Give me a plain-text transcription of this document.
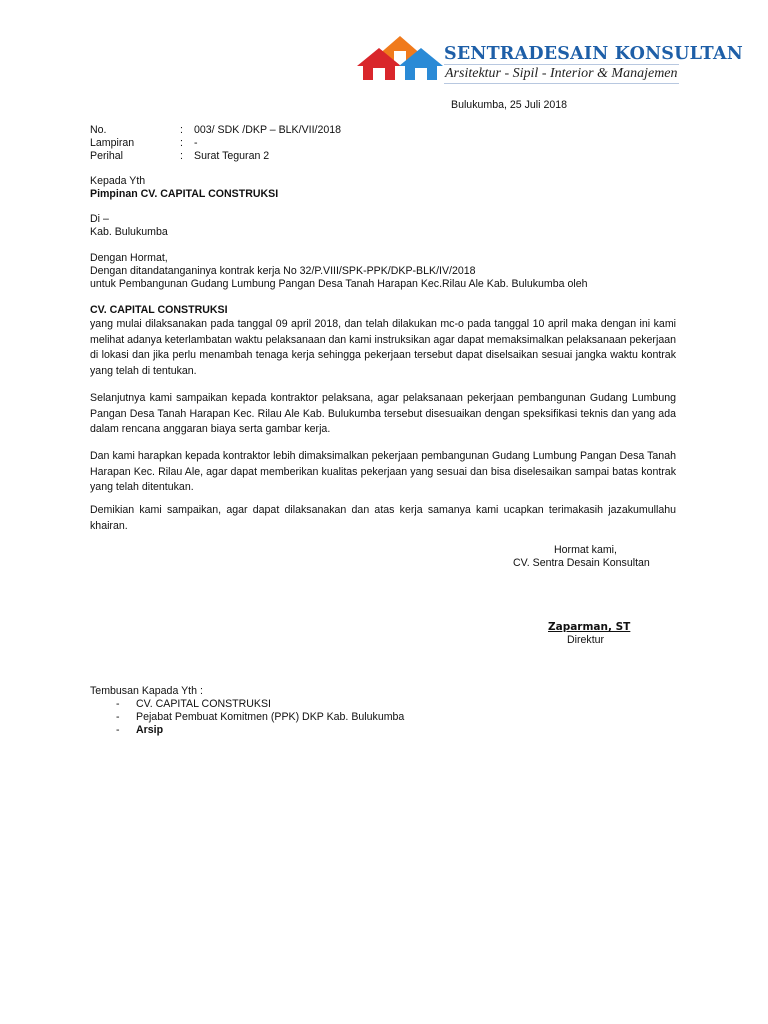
SENTRADESAIN KONSULTAN
Arsitektur - Sipil - Interior & Manajemen
Bulukumba, 25 Juli 2018
No.	: 003/ SDK /DKP – BLK/VII/2018
Lampiran	: -
Perihal	: Surat Teguran 2
Kepada Yth
Pimpinan CV. CAPITAL CONSTRUKSI
Di –
Kab. Bulukumba
Dengan Hormat,
Dengan ditandatanganinya kontrak kerja No 32/P.VIII/SPK-PPK/DKP-BLK/IV/2018
untuk Pembangunan Gudang Lumbung Pangan Desa Tanah Harapan Kec.Rilau Ale Kab. Bulukumba oleh
CV. CAPITAL CONSTRUKSI
yang mulai dilaksanakan pada tanggal 09 april 2018, dan telah dilakukan mc-o pada tanggal 10 april maka dengan ini kami melihat adanya keterlambatan waktu pelaksanaan dan kami instruksikan agar dapat memaksimalkan pelaksanaan pekerjaan di lokasi dan jika perlu menambah tenaga kerja sehingga pekerjaan tersebut dapat diselsaikan sesuai jangka waktu kontrak yang telah di tentukan.
Selanjutnya kami sampaikan kepada kontraktor pelaksana, agar pelaksanaan pekerjaan pembangunan Gudang Lumbung Pangan Desa Tanah Harapan Kec. Rilau Ale Kab. Bulukumba tersebut disesuaikan dengan speksifikasi teknis dan yang ada dalam rencana anggaran biaya serta gambar kerja.
Dan kami harapkan kepada kontraktor lebih dimaksimalkan pekerjaan pembangunan Gudang Lumbung Pangan Desa Tanah Harapan Kec. Rilau Ale, agar dapat memberikan kualitas pekerjaan yang sesuai dan bisa diselesaikan sampai batas kontrak yang telah ditentukan.
Demikian kami sampaikan, agar dapat dilaksanakan dan atas kerja samanya kami ucapkan terimakasih jazakumullahu khairan.
Hormat kami,
CV. Sentra Desain Konsultan
Zaparman, ST
Direktur
Tembusan Kapada Yth :
- CV. CAPITAL CONSTRUKSI
- Pejabat Pembuat Komitmen (PPK) DKP Kab. Bulukumba
- Arsip
